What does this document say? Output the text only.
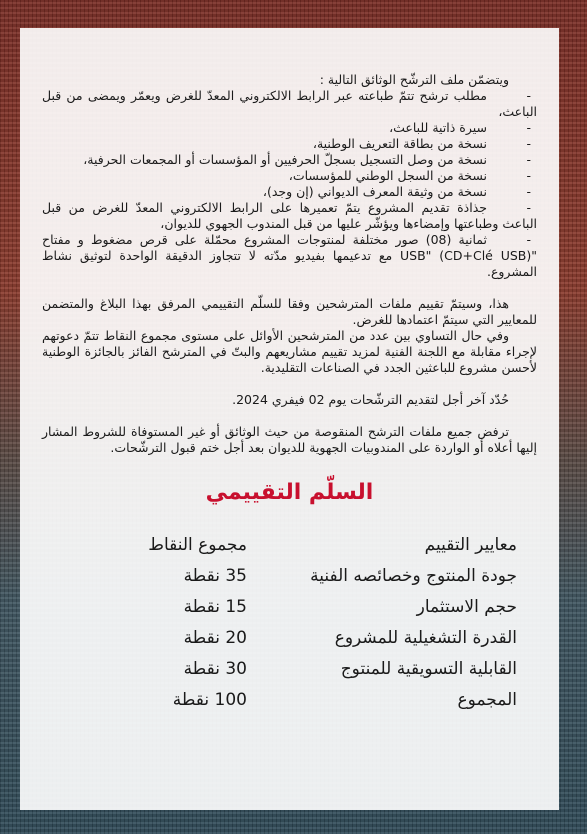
ويتضمّن ملف الترشّح الوثائق التالية :

-مطلب ترشح تتمّ طباعته عبر الرابط الالكتروني المعدّ للغرض ويعمّر ويمضى من قبل الباعث،
-
سيرة ذاتية للباعث،
-
نسخة من بطاقة التعريف الوطنية،
-
نسخة من وصل التسجيل بسجلّ الحرفيين أو المؤسسات أو المجمعات الحرفية،
-
نسخة من السجل الوطني للمؤسسات،
-
نسخة من وثيقة المعرف الديواني (إن وجد)،
-جذاذة تقديم المشروع يتمّ تعميرها على الرابط الالكتروني المعدّ للغرض من قبل الباعث وطباعتها وإمضاءها ويؤشّر عليها من قبل المندوب الجهوي للديوان،
-ثمانية (08) صور مختلفة لمنتوجات المشروع محمّلة على قرص مضغوط و مفتاح "USB" (CD+Clé USB) مع تدعيمها بفيديو مدّته لا تتجاوز الدقيقة الواحدة لتوثيق نشاط المشروع.

هذا، وسيتمّ تقييم ملفات المترشحين وفقا للسلّم التقييمي المرفق بهذا البلاغ والمتضمن للمعايير التي سيتمّ اعتمادها للغرض.

وفي حال التساوي بين عدد من المترشحين الأوائل على مستوى مجموع النقاط تتمّ دعوتهم لإجراء مقابلة مع اللجنة الفنية لمزيد تقييم مشاريعهم والبتّ في المترشح الفائز بالجائزة الوطنية لأحسن مشروع للباعثين الجدد في الصناعات التقليدية.

حُدّد آخر أجل لتقديم الترشّحات يوم 02 فيفري 2024.

ترفض جميع ملفات الترشح المنقوصة من حيث الوثائق أو غير المستوفاة للشروط المشار إليها أعلاه أو الواردة على المندوبيات الجهوية للديوان بعد أجل ختم قبول الترشّحات.

السلّم التقييمي
معايير التقييم	مجموع النقاط
جودة المنتوج وخصائصه الفنية	35 نقطة
حجم الاستثمار	15 نقطة
القدرة التشغيلية للمشروع	20 نقطة
القابلية التسويقية للمنتوج	30 نقطة
المجموع	100 نقطة
